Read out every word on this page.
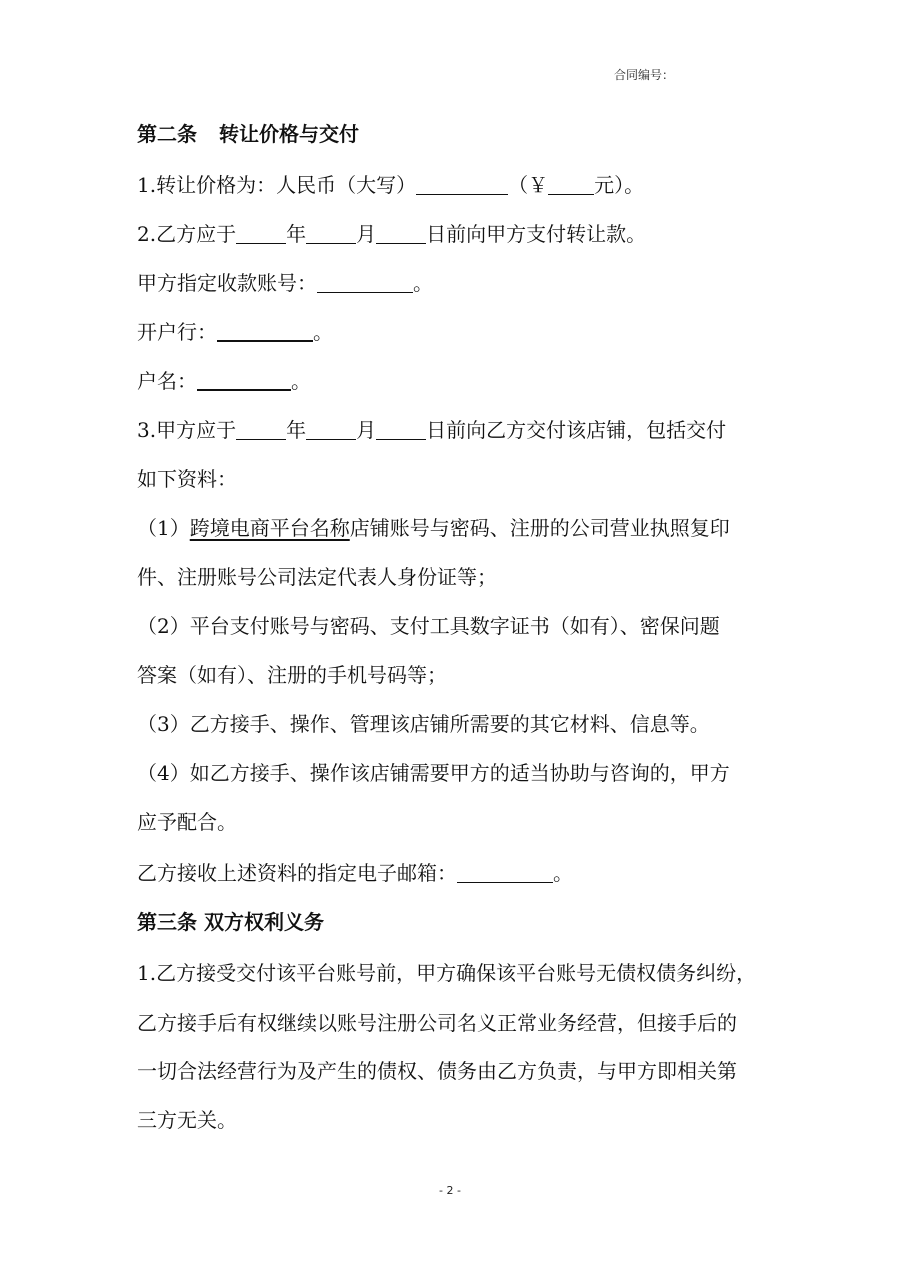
合同编号：
第二条 转让价格与交付
1.转让价格为：人民币（大写）	（￥ 元）。
2.乙方应于	年	月	日前向甲方支付转让款。
甲方指定收款账号：	。
开户行：	。
户名：	。
3.甲方应于	年	月	日前向乙方交付该店铺，包括交付
如下资料：
（1）跨境电商平台名称店铺账号与密码、注册的公司营业执照复印
件、注册账号公司法定代表人身份证等；
（2）平台支付账号与密码、支付工具数字证书（如有）、密保问题
答案（如有）、注册的手机号码等；
（3）乙方接手、操作、管理该店铺所需要的其它材料、信息等。
（4）如乙方接手、操作该店铺需要甲方的适当协助与咨询的，甲方
应予配合。
乙方接收上述资料的指定电子邮箱：	。
第三条 双方权利义务
1.乙方接受交付该平台账号前，甲方确保该平台账号无债权债务纠纷，
乙方接手后有权继续以账号注册公司名义正常业务经营，但接手后的
一切合法经营行为及产生的债权、债务由乙方负责，与甲方即相关第
三方无关。
- 2 -
